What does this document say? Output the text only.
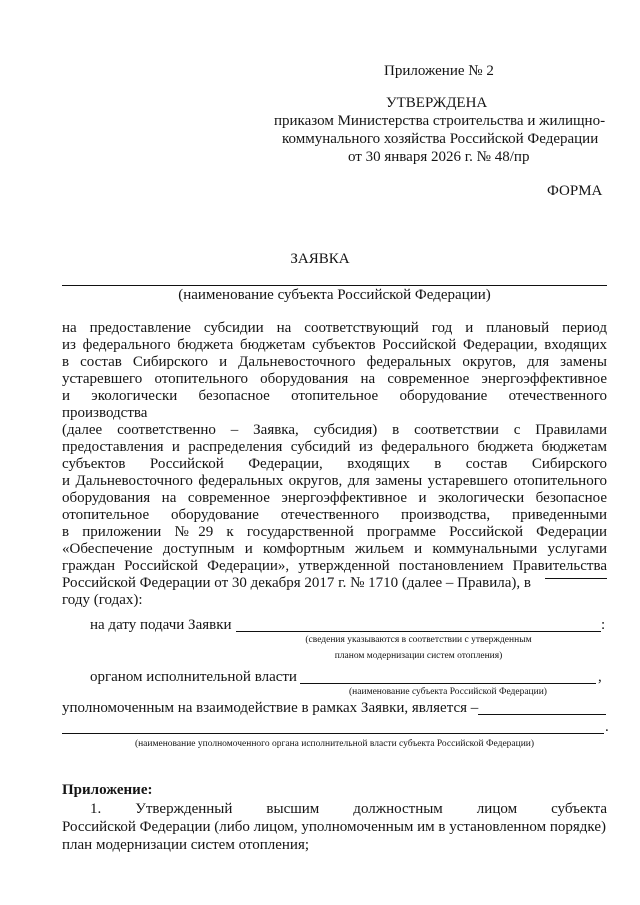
Приложение № 2
УТВЕРЖДЕНА
приказом Министерства строительства и жилищно-
коммунального хозяйства Российской Федерации
от 30 января 2026 г. № 48/пр
ФОРМА
ЗАЯВКА
(наименование субъекта Российской Федерации)
на предоставление субсидии на соответствующий год и плановый период
из федерального бюджета бюджетам субъектов Российской Федерации, входящих
в состав Сибирского и Дальневосточного федеральных округов, для замены
устаревшего отопительного оборудования на современное энергоэффективное
и экологически безопасное отопительное оборудование отечественного производства
(далее соответственно – Заявка, субсидия) в соответствии с Правилами
предоставления и распределения субсидий из федерального бюджета бюджетам
субъектов Российской Федерации, входящих в состав Сибирского
и Дальневосточного федеральных округов, для замены устаревшего отопительного
оборудования на современное энергоэффективное и экологически безопасное
отопительное оборудование отечественного производства, приведенными
в приложении №29 к государственной программе Российской Федерации
«Обеспечение доступным и комфортным жильем и коммунальными услугами
граждан Российской Федерации», утвержденной постановлением Правительства
Российской Федерации от 30 декабря 2017 г. № 1710 (далее – Правила), в
году (годах):
на дату подачи Заявки	:
(сведения указываются в соответствии с утвержденным
планом модернизации систем отопления)
органом исполнительной власти	,
(наименование субъекта Российской Федерации)
уполномоченным на взаимодействие в рамках Заявки, является –
.
(наименование уполномоченного органа исполнительной власти субъекта Российской Федерации)
Приложение:
1. Утвержденный высшим должностным лицом субъекта
Российской Федерации (либо лицом, уполномоченным им в установленном порядке)
план модернизации систем отопления;
